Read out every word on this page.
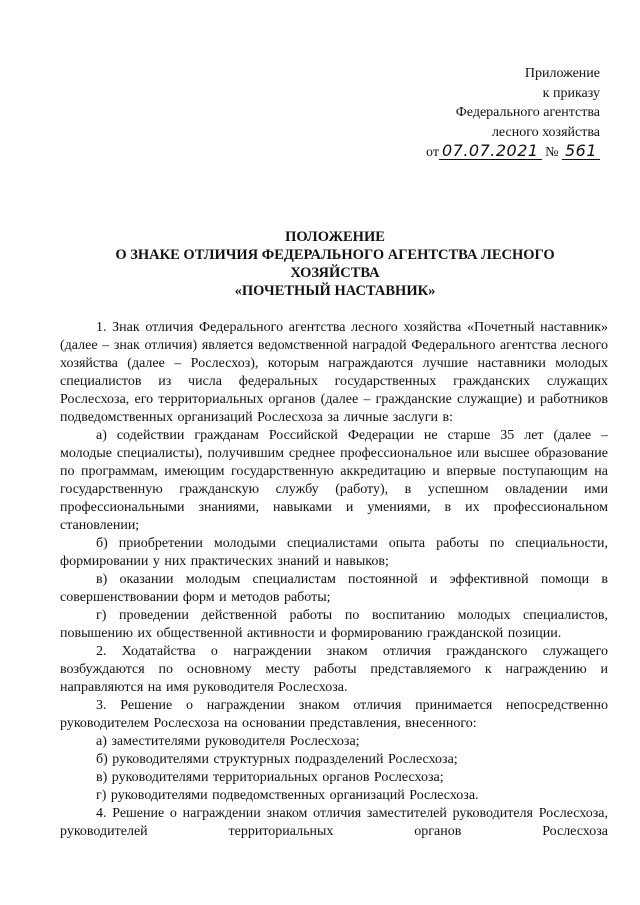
Приложение
к приказу
Федерального агентства
лесного хозяйства
от 07.07.2021 № 561
ПОЛОЖЕНИЕ
О ЗНАКЕ ОТЛИЧИЯ ФЕДЕРАЛЬНОГО АГЕНТСТВА ЛЕСНОГО
ХОЗЯЙСТВА
«ПОЧЕТНЫЙ НАСТАВНИК»

1. Знак отличия Федерального агентства лесного хозяйства «Почетный наставник» (далее – знак отличия) является ведомственной наградой Федерального агентства лесного хозяйства (далее – Рослесхоз), которым награждаются лучшие наставники молодых специалистов из числа федеральных государственных гражданских служащих Рослесхоза, его территориальных органов (далее – гражданские служащие) и работников подведомственных организаций Рослесхоза за личные заслуги в:

а) содействии гражданам Российской Федерации не старше 35 лет (далее – молодые специалисты), получившим среднее профессиональное или высшее образование по программам, имеющим государственную аккредитацию и впервые поступающим на государственную гражданскую службу (работу), в успешном овладении ими профессиональными знаниями, навыками и умениями, в их профессиональном становлении;

б) приобретении молодыми специалистами опыта работы по специальности, формировании у них практических знаний и навыков;

в) оказании молодым специалистам постоянной и эффективной помощи в совершенствовании форм и методов работы;

г) проведении действенной работы по воспитанию молодых специалистов, повышению их общественной активности и формированию гражданской позиции.

2. Ходатайства о награждении знаком отличия гражданского служащего возбуждаются по основному месту работы представляемого к награждению и направляются на имя руководителя Рослесхоза.

3. Решение о награждении знаком отличия принимается непосредственно руководителем Рослесхоза на основании представления, внесенного:

а) заместителями руководителя Рослесхоза;

б) руководителями структурных подразделений Рослесхоза;

в) руководителями территориальных органов Рослесхоза;

г) руководителями подведомственных организаций Рослесхоза.

4. Решение о награждении знаком отличия заместителей руководителя Рослесхоза, руководителей территориальных органов Рослесхоза
